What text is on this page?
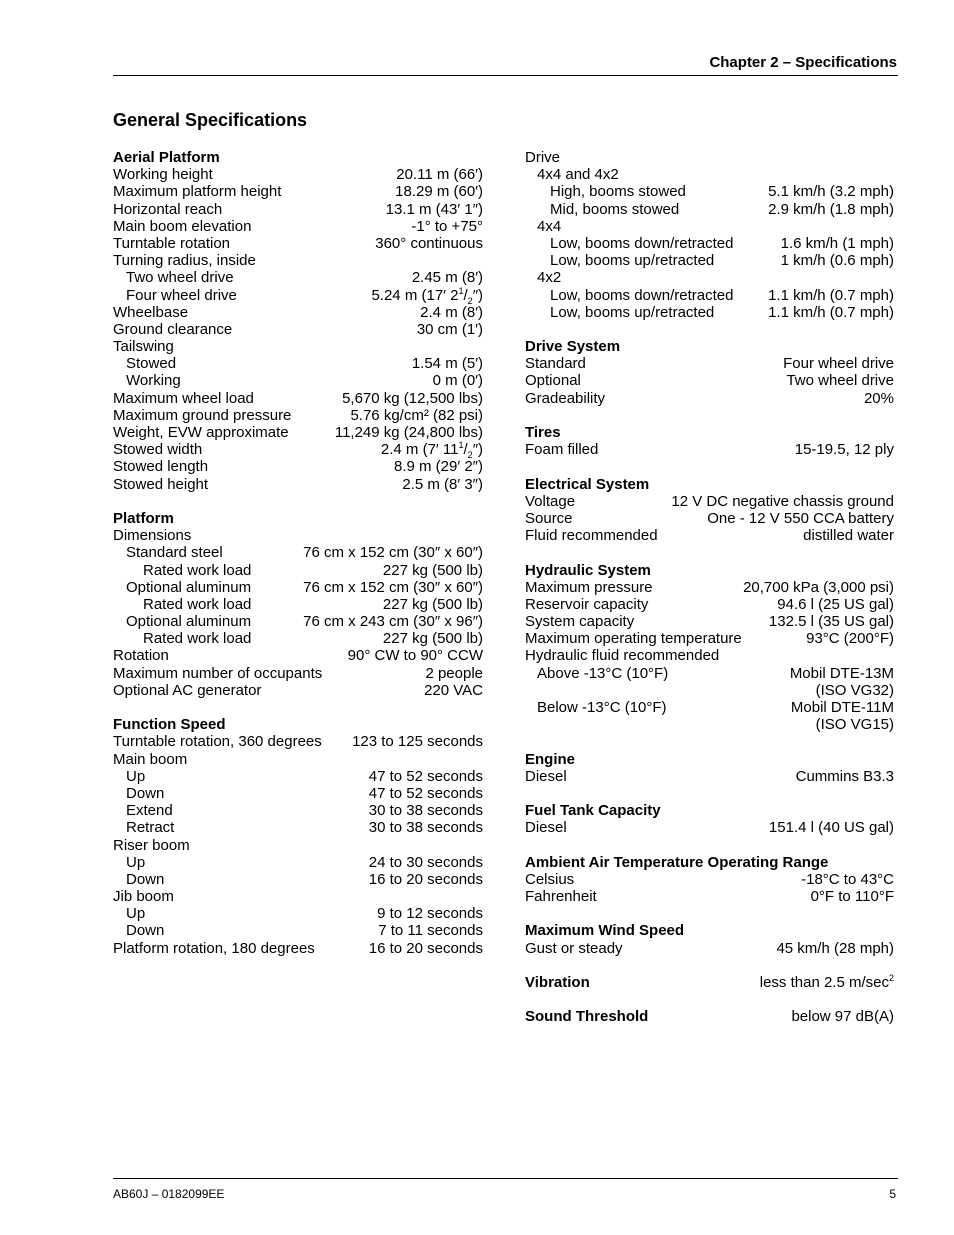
Chapter 2 – Specifications
General Specifications
Aerial Platform
Working height	20.11 m (66′)
Maximum platform height	18.29 m (60′)
Horizontal reach	13.1 m (43′ 1″)
Main boom elevation	-1° to +75°
Turntable rotation	360° continuous
Turning radius, inside
Two wheel drive	2.45 m (8′)
Four wheel drive	5.24 m (17′ $2^1/_2''$)
Wheelbase	2.4 m (8′)
Ground clearance	30 cm (1′)
Tailswing
Stowed	1.54 m (5′)
Working	0 m (0′)
Maximum wheel load	5,670 kg (12,500 lbs)
Maximum ground pressure	5.76 kg/cm² (82 psi)
Weight, EVW approximate	11,249 kg (24,800 lbs)
Stowed width	2.4 m (7′ $11^1/_2''$)
Stowed length	8.9 m (29′ 2″)
Stowed height	2.5 m (8′ 3″)
Platform
Dimensions
Standard steel	76 cm x 152 cm (30″ x 60″)
Rated work load	227 kg (500 lb)
Optional aluminum	76 cm x 152 cm (30″ x 60″)
Rated work load	227 kg (500 lb)
Optional aluminum	76 cm x 243 cm (30″ x 96″)
Rated work load	227 kg (500 lb)
Rotation	90° CW to 90° CCW
Maximum number of occupants	2 people
Optional AC generator	220 VAC
Function Speed
Turntable rotation, 360 degrees 123 to 125 seconds
Main boom
Up	47 to 52 seconds
Down	47 to 52 seconds
Extend	30 to 38 seconds
Retract	30 to 38 seconds
Riser boom
Up	24 to 30 seconds
Down	16 to 20 seconds
Jib boom
Up	9 to 12 seconds
Down	7 to 11 seconds
Platform rotation, 180 degrees	16 to 20 seconds
Drive
4x4 and 4x2
High, booms stowed	5.1 km/h (3.2 mph)
Mid, booms stowed	2.9 km/h (1.8 mph)
4x4
Low, booms down/retracted	1.6 km/h (1 mph)
Low, booms up/retracted	1 km/h (0.6 mph)
4x2
Low, booms down/retracted 1.1 km/h (0.7 mph)
Low, booms up/retracted	1.1 km/h (0.7 mph)
Drive System
Standard	Four wheel drive
Optional	Two wheel drive
Gradeability	20%
Tires
Foam filled	15-19.5, 12 ply
Electrical System
Voltage	12 V DC negative chassis ground
Source	One - 12 V 550 CCA battery
Fluid recommended	distilled water
Hydraulic System
Maximum pressure	20,700 kPa (3,000 psi)
Reservoir capacity	94.6 l (25 US gal)
System capacity	132.5 l (35 US gal)
Maximum operating temperature	93°C (200°F)
Hydraulic fluid recommended
Above -13°C (10°F)	Mobil DTE-13M
(ISO VG32)
Below -13°C (10°F)	Mobil DTE-11M
(ISO VG15)
Engine
Diesel	Cummins B3.3
Fuel Tank Capacity
Diesel	151.4 l (40 US gal)
Ambient Air Temperature Operating Range
Celsius	-18°C to 43°C
Fahrenheit	0°F to 110°F
Maximum Wind Speed
Gust or steady	45 km/h (28 mph)
Vibration	less than 2.5 $m/\sec^2$
Sound Threshold	below 97 dB(A)
AB60J – 0182099EE	5
